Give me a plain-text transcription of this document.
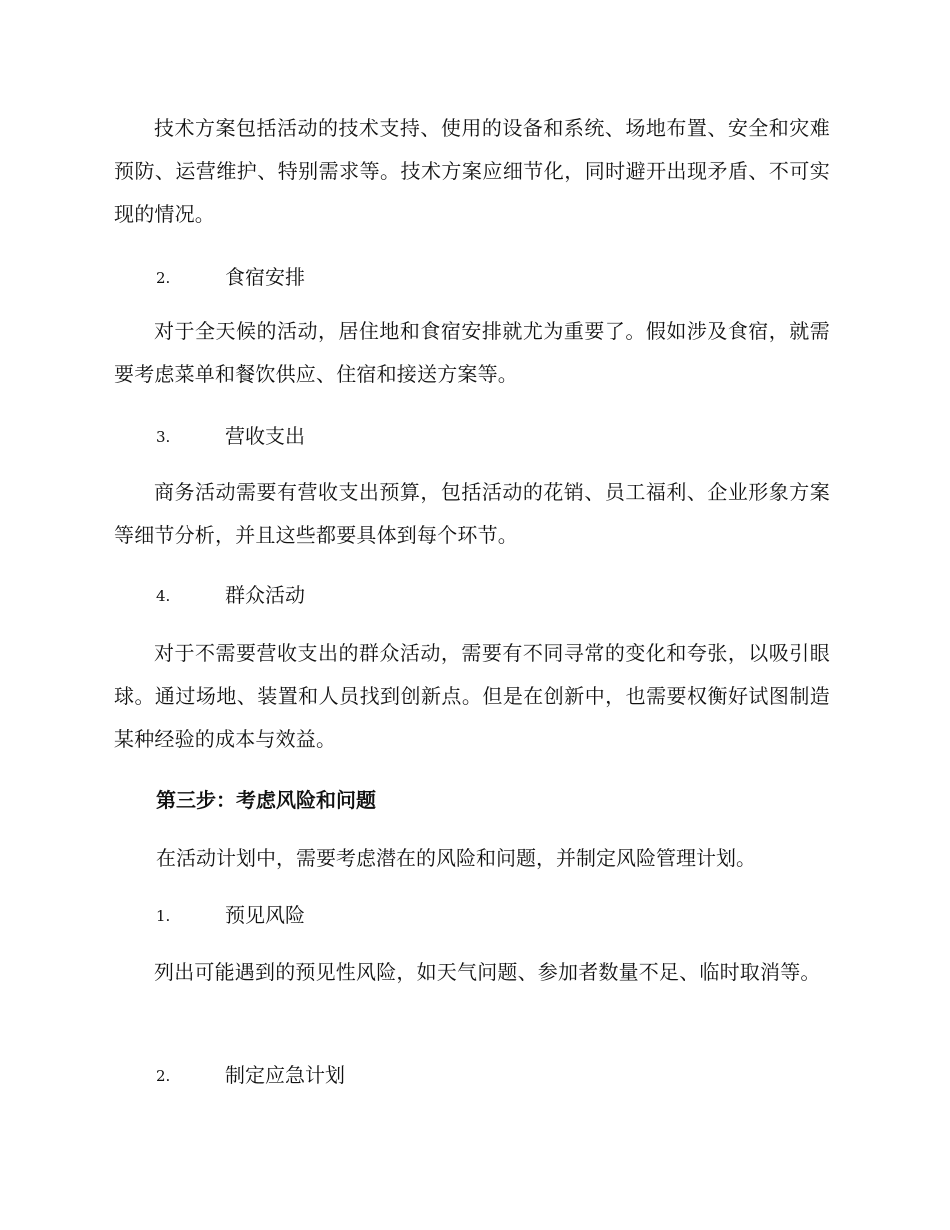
技术方案包括活动的技术支持、使用的设备和系统、场地布置、安全和灾难预防、运营维护、特别需求等。技术方案应细节化，同时避开出现矛盾、不可实现的情况。

2.	食宿安排

对于全天候的活动，居住地和食宿安排就尤为重要了。假如涉及食宿，就需要考虑菜单和餐饮供应、住宿和接送方案等。

3.	营收支出

商务活动需要有营收支出预算，包括活动的花销、员工福利、企业形象方案等细节分析，并且这些都要具体到每个环节。

4.	群众活动

对于不需要营收支出的群众活动，需要有不同寻常的变化和夸张，以吸引眼球。通过场地、装置和人员找到创新点。但是在创新中，也需要权衡好试图制造某种经验的成本与效益。

第三步：考虑风险和问题
在活动计划中，需要考虑潜在的风险和问题，并制定风险管理计划。
1.	预见风险

列出可能遇到的预见性风险，如天气问题、参加者数量不足、临时取消等。

2.	制定应急计划
